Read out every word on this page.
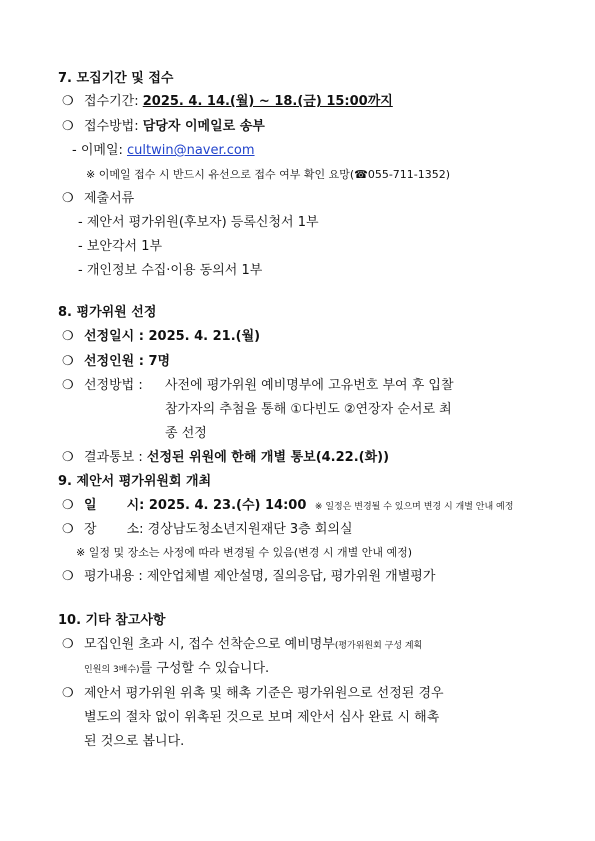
7. 모집기간 및 접수
❍ 접수기간: 2025. 4. 14.(월) ~ 18.(금) 15:00까지
❍ 접수방법: 담당자 이메일로 송부
- 이메일: cultwin@naver.com
※ 이메일 접수 시 반드시 유선으로 접수 여부 확인 요망(☎055-711-1352)
❍ 제출서류
- 제안서 평가위원(후보자) 등록신청서 1부
- 보안각서 1부
- 개인정보 수집·이용 동의서 1부
8. 평가위원 선정
❍ 선정일시 : 2025. 4. 21.(월)
❍ 선정인원 : 7명
❍ 선정방법 : 사전에 평가위원 예비명부에 고유번호 부여 후 입찰
참가자의 추첨을 통해 ①다빈도 ②연장자 순서로 최
종 선정
❍ 결과통보 : 선정된 위원에 한해 개별 통보(4.22.(화))
9. 제안서 평가위원회 개최
❍ 일 시: 2025. 4. 23.(수) 14:00 ※ 일정은 변경될 수 있으며 변경 시 개별 안내 예정
❍ 장 소: 경상남도청소년지원재단 3층 회의실
※ 일정 및 장소는 사정에 따라 변경될 수 있음(변경 시 개별 안내 예정)
❍ 평가내용 : 제안업체별 제안설명, 질의응답, 평가위원 개별평가
10. 기타 참고사항
❍ 모집인원 초과 시, 접수 선착순으로 예비명부(평가위원회 구성 계획
인원의 3배수)를 구성할 수 있습니다.
❍ 제안서 평가위원 위촉 및 해촉 기준은 평가위원으로 선정된 경우
별도의 절차 없이 위촉된 것으로 보며 제안서 심사 완료 시 해촉
된 것으로 봅니다.
